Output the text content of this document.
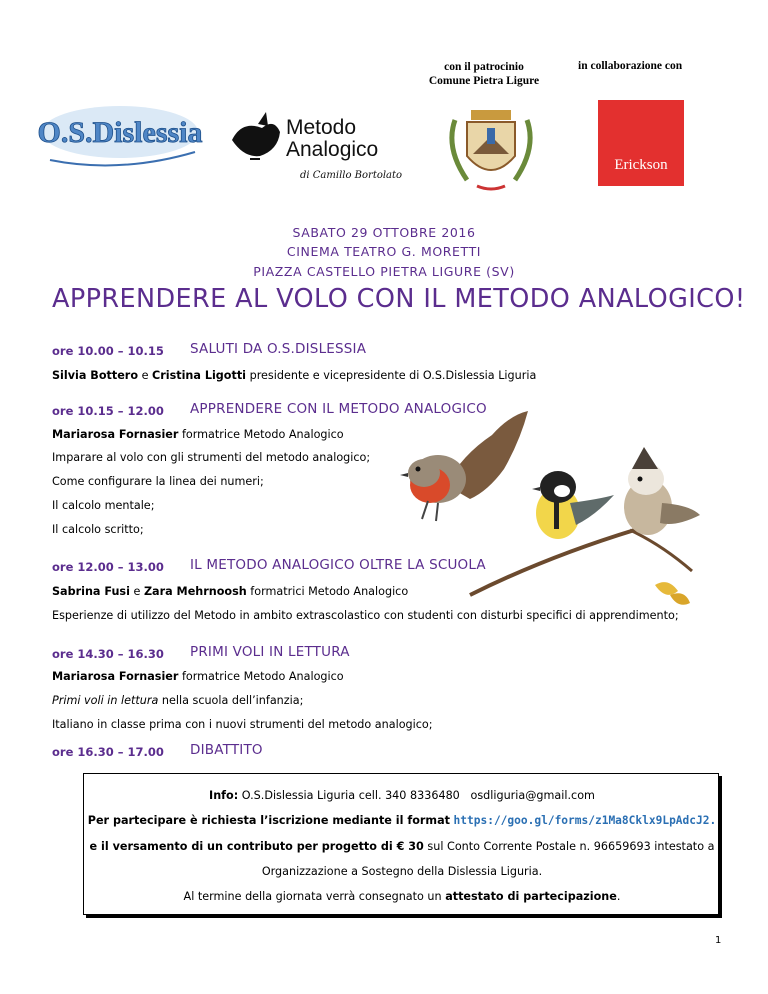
con il patrocinio
Comune Pietra Ligure
in collaborazione con
O.S.Dislessia	Metodo
Analogico
di Camillo Bortolato
Erickson
SABATO 29 OTTOBRE 2016
CINEMA TEATRO G. MORETTI
PIAZZA CASTELLO PIETRA LIGURE (SV)
APPRENDERE AL VOLO CON IL METODO ANALOGICO!
ore 10.00 – 10.15 SALUTI DA O.S.DISLESSIA
Silvia Bottero e Cristina Ligotti presidente e vicepresidente di O.S.Dislessia Liguria
ore 10.15 – 12.00 APPRENDERE CON IL METODO ANALOGICO
Mariarosa Fornasier formatrice Metodo Analogico
Imparare al volo con gli strumenti del metodo analogico;
Come configurare la linea dei numeri;
Il calcolo mentale;
Il calcolo scritto;
ore 12.00 – 13.00 IL METODO ANALOGICO OLTRE LA SCUOLA
Sabrina Fusi e Zara Mehrnoosh formatrici Metodo Analogico
Esperienze di utilizzo del Metodo in ambito extrascolastico con studenti con disturbi specifici di apprendimento;
ore 14.30 – 16.30 PRIMI VOLI IN LETTURA
Mariarosa Fornasier formatrice Metodo Analogico
Primi voli in lettura nella scuola dell’infanzia;
Italiano in classe prima con i nuovi strumenti del metodo analogico;
ore 16.30 – 17.00 DIBATTITO
Info: O.S.Dislessia Liguria cell. 340 8336480 osdliguria@gmail.com
Per partecipare è richiesta l’iscrizione mediante il format https://goo.gl/forms/z1Ma8Cklx9LpAdcJ2.
e il versamento di un contributo per progetto di € 30 sul Conto Corrente Postale n. 96659693 intestato a
Organizzazione a Sostegno della Dislessia Liguria.
Al termine della giornata verrà consegnato un attestato di partecipazione.
1
